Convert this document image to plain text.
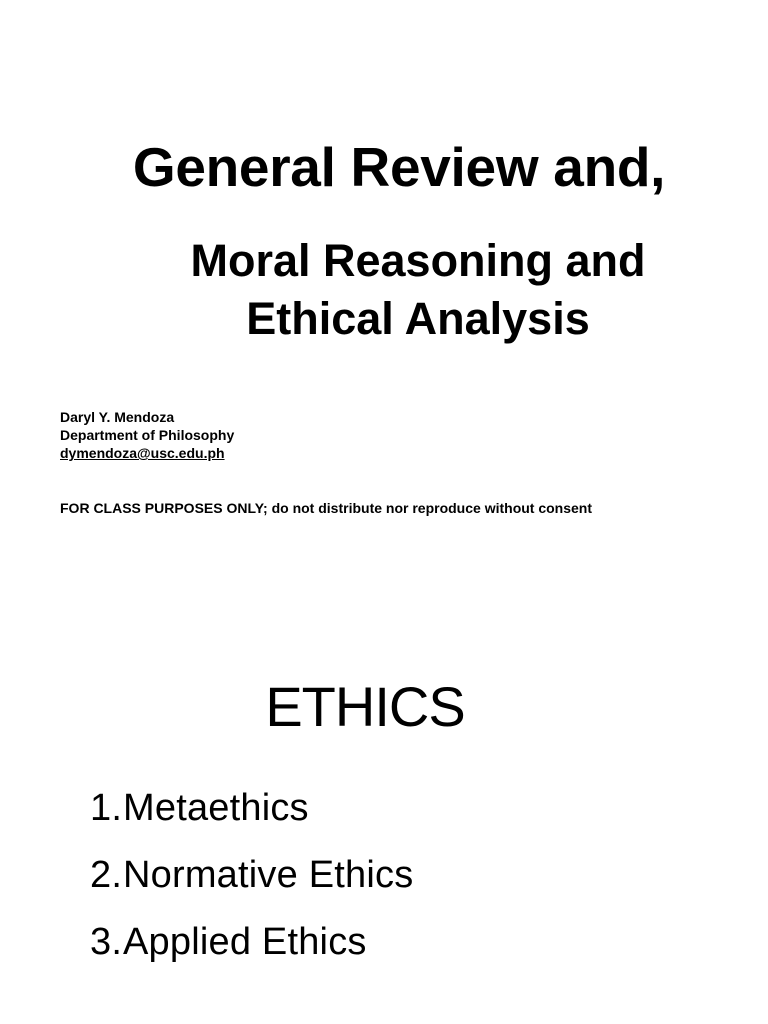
General Review and,
Moral Reasoning and
Ethical Analysis
Daryl Y. Mendoza
Department of Philosophy
dymendoza@usc.edu.ph
FOR CLASS PURPOSES ONLY; do not distribute nor reproduce without consent
ETHICS
1.Metaethics
2.Normative Ethics
3.Applied Ethics
